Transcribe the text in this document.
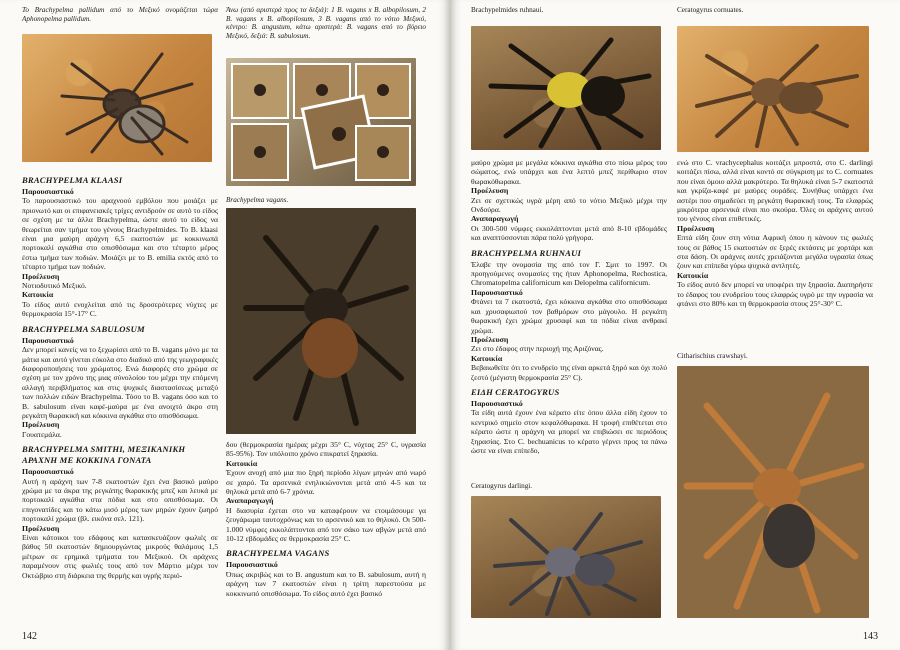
Το Brachypelma pallidum από το Μεξικό ονομάζεται τώρα Aphonopelma pallidum.

BRACHYPELMA KLAASI

Παρουσιαστικό

Το παρουσιαστικό του αραχνοού εμβόλου που μοιάζει με πριονωτό και οι επιφανειακές τρίχες αντιδρούν σε αυτό το είδος σε σχέση με τα άλλα Brachypelma, ώστε αυτό το είδος να θεωρείται σαν τμήμα του γένους Brachypelmides. Το B. klaasi είναι μια μαύρη αράχνη 6,5 εκατοστών με κοκκινωπά πορτοκαλί αγκάθια στο οπισθόσωμα και στο τέταρτο μέρος έστω τμήμα των ποδιών. Μοιάζει με το B. emilia εκτός από το τέταρτο τμήμα των ποδιών.

Προέλευση

Νοτιοδυτικό Μεξικό.

Κατοικία

Το είδος αυτό ενοχλείται από τις δροσερότερες νύχτες με θερμοκρασία 15°-17° C.

BRACHYPELMA SABULOSUM

Παρουσιαστικό

Δεν μπορεί κανείς να το ξεχωρίσει από το B. vagans μόνο με τα μάτια και αυτό γίνεται εύκολα στο διαδικό από της γεωγραφικές διαφοροποιήσεις του χρώματος. Ενώ διαφορές στο χρώμα σε σχέση με τον χρόνο της μιας σύνολοίου του μέχρι την επόμενη αλλαγή περιβλήματος και στις ψυχικές διαστασίσεως μεταξύ των πολλών ειδών Brachypelma. Τόσο το B. vagans όσο και το B. sabulosum είναι καφέ-μαύρα με ένα ανοιχτό άκρο στη ρεγκάτη θωρακική και κόκκινα αγκάθια στο οπισθόσωμα.

Προέλευση

Γουατεμάλα.

BRACHYPELMA SMITHI, ΜΕΞΙΚΑΝΙΚΗ ΑΡΑΧΝΗ ΜΕ ΚΟΚΚΙΝΑ ΓΟΝΑΤΑ

Παρουσιαστικό

Αυτή η αράχνη των 7-8 εκατοστών έχει ένα βασικό μαύρο χρώμα με τα άκρα της ρεγκάτης θωρακικής μπεζ και λευκά με πορτοκαλί αγκάθια στα πόδια και στο οπισθόσωμα. Οι επιγονατίδες και το κάτω μισό μέρος των μηρών έχουν ζωηρό πορτοκαλί χρώμα (βλ. εικόνα σελ. 121).

Προέλευση

Είναι κάτοικοι του εδάφους και κατασκευάζουν φωλιές σε βάθος 50 εκατοστών δημιουργώντας μικρούς θαλάμους 1,5 μέτρων σε ερημικά τμήματα του Μεξικού. Οι αράχνες παραμένουν στις φωλιές τους από τον Μάρτιο μέχρι τον Οκτώβριο στη διάρκεια της θερμής και υγρής περιό-

Άνω (από αριστερά προς τα δεξιά): 1 B. vagans x B. albopilosum, 2 B. vagans x B. albopilosum, 3 B. vagans από το νότιο Μεξικό, κέντρο: B. angustum, κάτω αριστερά: B. vagans από το βόρειο Μεξικό, δεξιά: B. sabulosum.

Brachypelma vagans.

δου (θερμοκρασία ημέρας μέχρι 35° C, νύχτας 25° C, υγρασία 85-95%). Τον υπόλοιπο χρόνο επικρατεί ξηρασία.

Κατοικία

Έχουν ανοχή από μια πιο ξηρή περίοδο λίγων μηνών από νωρό σε χαιρό. Τα αρσενικά ενηλικιώνονται μετά από 4-5 και τα θηλυκά μετά από 6-7 χρόνια.

Αναπαραγωγή

Η διασυρία έχεται στο να καταφέρουν να ετοιμάσουμε γα ζευγάρωμα ταυτοχρόνως και το αρσενικό και το θηλυκό. Οι 500-1.000 νύμφες εκκολάπτονται από τον σάκο των αβγών μετά από 10-12 εβδομάδες σε θερμοκρασία 25° C.

BRACHYPELMA VAGANS

Παρουσιαστικό

Όπως ακριβώς και το B. angustum και το B. sabulosum, αυτή η αράχνη των 7 εκατοστών είναι η τρίτη παρεστούσα με κοκκινωπό οπισθόσωμα. Το είδος αυτό έχει βασικό

142

Brachypelmides ruhnaui.	Ceratogyrus cornuates.

μαύρο χρώμα με μεγάλα κόκκινα αγκάθια στο πίσω μέρος του σώματος, ενώ υπάρχει και ένα λεπτό μπεζ περίθωριο στον θωρακόθωρακα.

Προέλευση

Ζει σε σχετικώς υγρά μέρη από το νότιο Μεξικό μέχρι την Ονδούρα.

Αναπαραγωγή

Οι 300-500 νύμφες εκκολάπτονται μετά από 8-10 εβδομάδες και αναπτύσσονται πάρα πολύ γρήγορα.

BRACHYPELMA RUHNAUI

Έλαβε την ονομασία της από τον Γ. Σμιτ το 1997. Οι προηγούμενες ονομασίες της ήταν Aphonopelma, Rechostica, Chromatopelma californicum και Delopelma californicum.

Παρουσιαστικό

Φτάνει τα 7 εκατοστά, έχει κόκκινα αγκάθια στο οπισθόσωμα και χρυσαφιωπού τον βαθμόρων στο μάγουλο. Η ρεγκάτη θωρακική έχει χρώμα χρυσαφί και τα πόδια είναι ανθρακί χρώμα.

Προέλευση

Ζει στο έδαφος στην περιοχή της Αριζόνας.

Κατοικία

Βεβαιωθείτε ότι το ενυδρείο της είναι αρκετά ξηρό και όχι πολύ ζεστό (μέγιστη θερμοκρασία 25° C).

ΕΙΔΗ CERATOGYRUS

Παρουσιαστικό

Τα είδη αυτά έχουν ένα κέρατο είτε όπου άλλα είδη έχουν το κεντρικό σημείο στον κεφαλόθωρακα. Η τροφή επιθέτεται στο κέρατο ώστε η αράχνη να μπορεί να επιβιώσει σε περιόδους ξηρασίας. Στο C. bechuanicus το κέρατο γέρνει προς τα πάνω ώστε να είναι επίπεδο,

Ceratogyrus darlingi.

ενώ στο C. vrachycephalus κοιτάζει μπροστά, στο C. darlingi κοιτάζει πίσω, αλλά είναι κοντό σε σύγκριση με το C. cornuates που είναι όμοιο αλλά μακρύτερο. Τα θηλυκά είναι 5-7 εκατοστά και γκρίζα-καφέ με μαύρες ουράδες. Συνήθως υπάρχει ένα αστέρι που σημαδεύει τη ρεγκάτη θωρακική τους. Τα ελαφρώς μικρότερα αρσενικά είναι πιο σκούρα. Όλες οι αράχνες αυτού του γένους είναι επιθετικές.

Προέλευση

Επτά είδη ζουν στη νότια Αφρική όπου η κάνουν τις φωλιές τους σε βάθος 15 εκατοστών σε ξερές εκτάσεις με χορτάρι και στα δάση. Οι αράχνες αυτές χρειάζονται μεγάλα υγρασία όπως ζουν και επίπεδα γύρω ψυχικά αντλητές.

Κατοικία

Το είδος αυτό δεν μπορεί να υποφέρει την ξηρασία. Διατηρήστε το έδαφος του ενυδρείου τους ελαφρώς υγρό με την υγρασία να φτάνει στο 80% και τη θερμοκρασία στους 25°-30° C.

Citharischius crawshayi.

143
